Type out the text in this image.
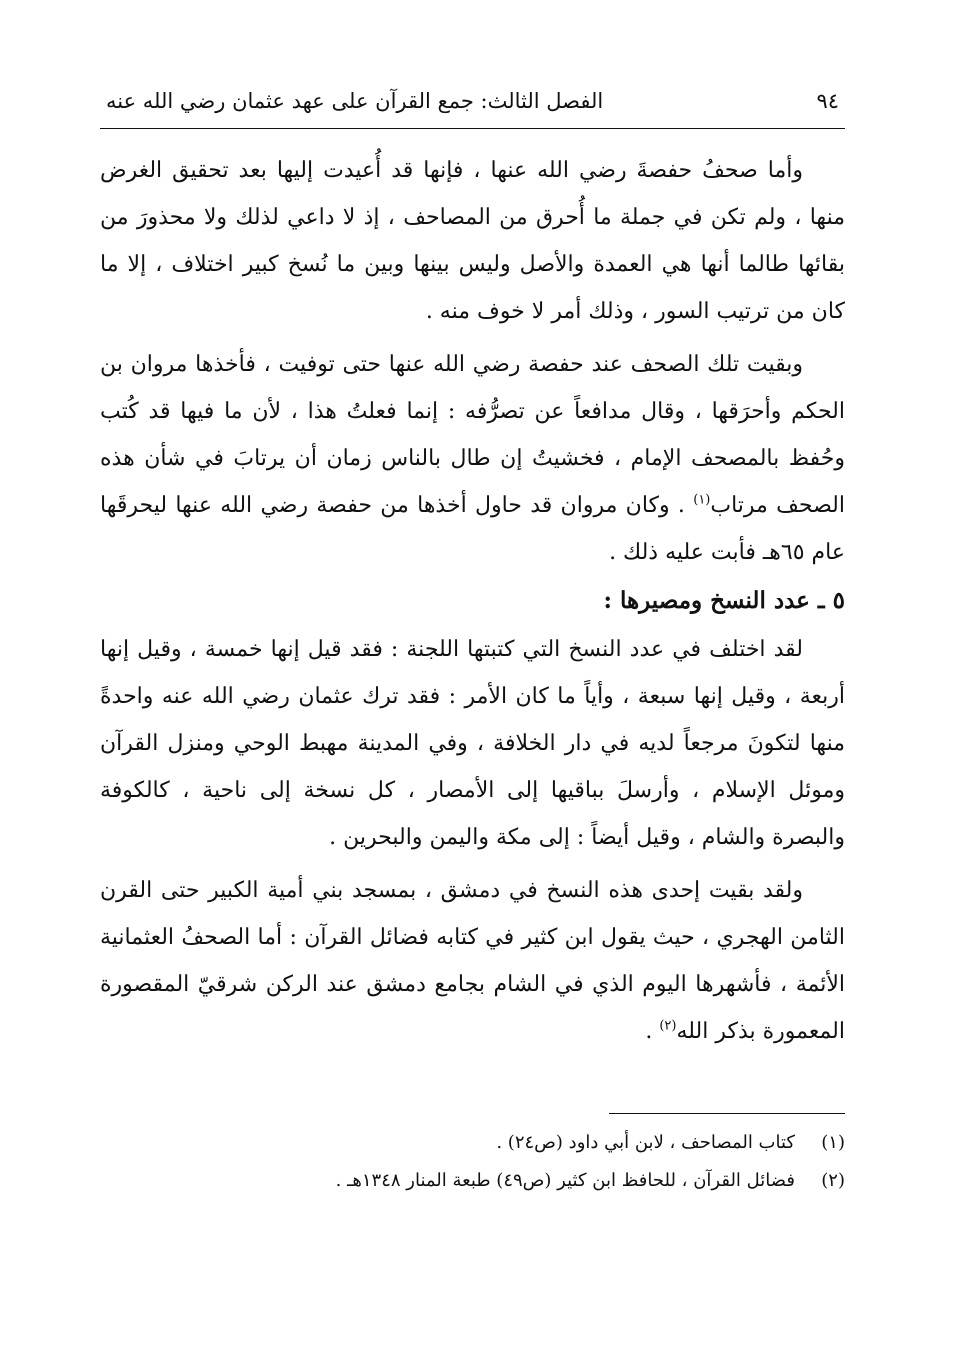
٩٤
الفصل الثالث: جمع القرآن على عهد عثمان رضي الله عنه

وأما صحفُ حفصةَ رضي الله عنها ، فإنها قد أُعيدت إليها بعد تحقيق الغرض منها ، ولم تكن في جملة ما أُحرق من المصاحف ، إذ لا داعي لذلك ولا محذورَ من بقائها طالما أنها هي العمدة والأصل وليس بينها وبين ما نُسخ كبير اختلاف ، إلا ما كان من ترتيب السور ، وذلك أمر لا خوف منه .

وبقيت تلك الصحف عند حفصة رضي الله عنها حتى توفيت ، فأخذها مروان بن الحكم وأحرَقها ، وقال مدافعاً عن تصرُّفه : إنما فعلتُ هذا ، لأن ما فيها قد كُتب وحُفظ بالمصحف الإمام ، فخشيتُ إن طال بالناس زمان أن يرتابَ في شأن هذه الصحف مرتاب$^{(١)}$ . وكان مروان قد حاول أخذها من حفصة رضي الله عنها ليحرقَها عام ٦٥هـ فأبت عليه ذلك .

٥ ـ عدد النسخ ومصيرها :

لقد اختلف في عدد النسخ التي كتبتها اللجنة : فقد قيل إنها خمسة ، وقيل إنها أربعة ، وقيل إنها سبعة ، وأياً ما كان الأمر : فقد ترك عثمان رضي الله عنه واحدةً منها لتكونَ مرجعاً لديه في دار الخلافة ، وفي المدينة مهبط الوحي ومنزل القرآن وموئل الإسلام ، وأرسلَ بباقيها إلى الأمصار ، كل نسخة إلى ناحية ، كالكوفة والبصرة والشام ، وقيل أيضاً : إلى مكة واليمن والبحرين .

ولقد بقيت إحدى هذه النسخ في دمشق ، بمسجد بني أمية الكبير حتى القرن الثامن الهجري ، حيث يقول ابن كثير في كتابه فضائل القرآن : أما الصحفُ العثمانية الأئمة ، فأشهرها اليوم الذي في الشام بجامع دمشق عند الركن شرقيّ المقصورة المعمورة بذكر الله$^{(٢)}$ .

(١)
كتاب المصاحف ، لابن أبي داود (ص٢٤) .
(٢)
فضائل القرآن ، للحافظ ابن كثير (ص٤٩) طبعة المنار ١٣٤٨هـ .
